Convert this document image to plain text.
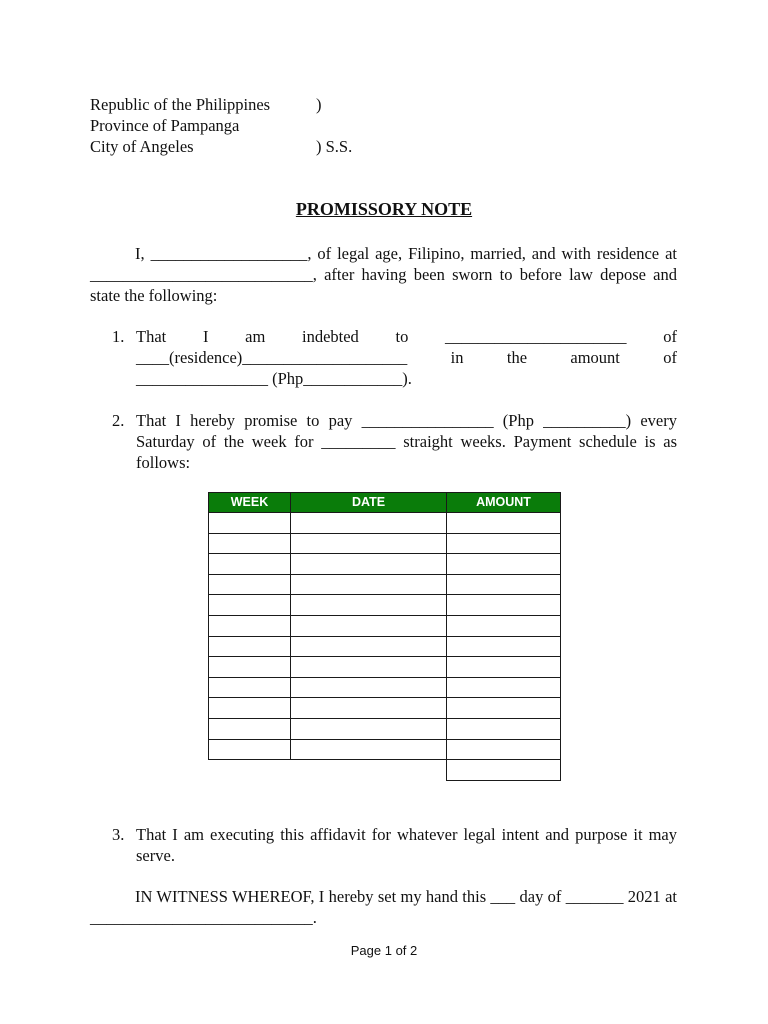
Republic of the Philippines	)
Province of Pampanga
City of Angeles	) S.S.
PROMISSORY NOTE
I, ___________________, of legal age, Filipino, married, and with residence at ___________________________, after having been sworn to before law depose and state the following:
1. That I am indebted to ______________________ of
____(residence)____________________	in	the	amount	of
________________ (Php____________).
2. That I hereby promise to pay ________________ (Php __________) every Saturday of the week for _________ straight weeks. Payment schedule is as follows:
WEEK	DATE	AMOUNT

3. That I am executing this affidavit for whatever legal intent and purpose it may serve.
IN WITNESS WHEREOF, I hereby set my hand this ___ day of _______ 2021 at ___________________________.
Page 1 of 2
